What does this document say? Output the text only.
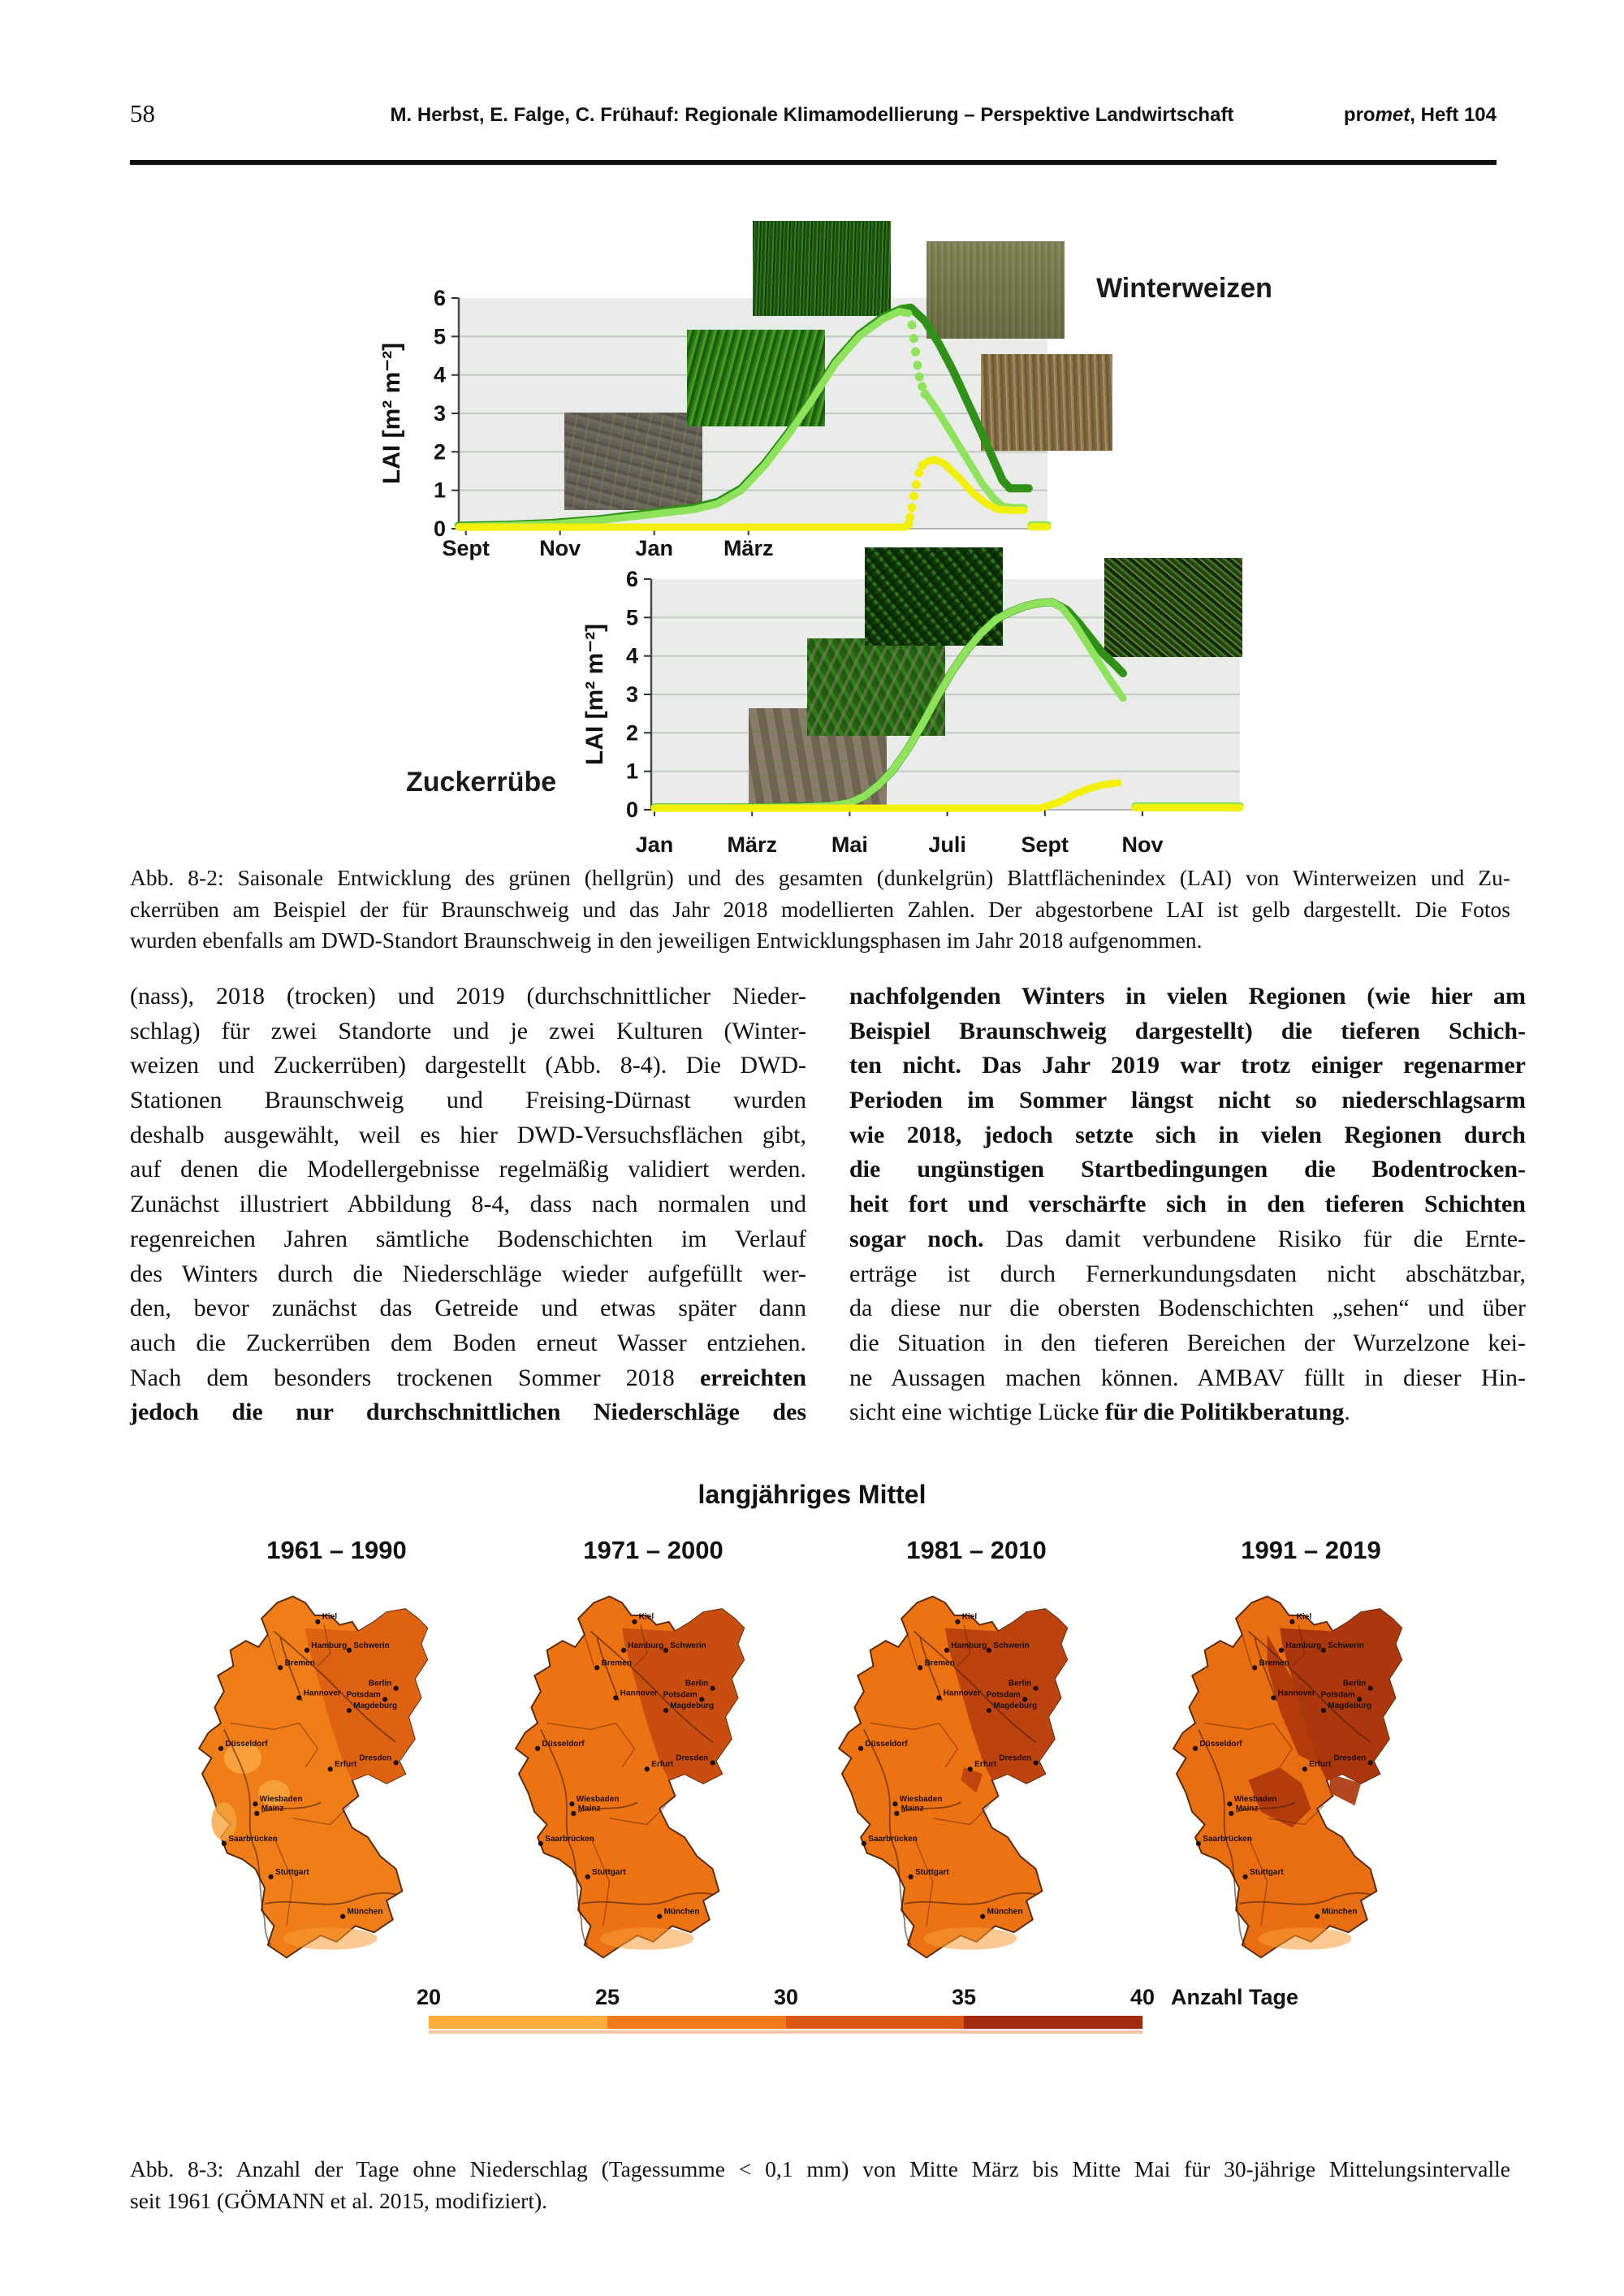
58	M. Herbst, E. Falge, C. Frühauf: Regionale Klimamodellierung – Perspektive Landwirtschaft	promet, Heft 104
0
1
2
3
4
5
6
Sept Nov Jan März
LAI [m² m⁻²]
0
1
2
3
4
5
6
Jan März Mai	Juli	Sept Nov
LAI [m² m⁻²]
Winterweizen
Zuckerrübe

Abb. 8-2: Saisonale Entwicklung des grünen (hellgrün) und des gesamten (dunkelgrün) Blattflächenindex (LAI) von Winterweizen und Zu-

ckerrüben am Beispiel der für Braunschweig und das Jahr 2018 modellierten Zahlen. Der abgestorbene LAI ist gelb dargestellt. Die Fotos

wurden ebenfalls am DWD-Standort Braunschweig in den jeweiligen Entwicklungsphasen im Jahr 2018 aufgenommen.

(nass), 2018 (trocken) und 2019 (durchschnittlicher Nieder-

schlag) für zwei Standorte und je zwei Kulturen (Winter-

weizen und Zuckerrüben) dargestellt (Abb. 8-4). Die DWD-

Stationen Braunschweig und Freising-Dürnast wurden

deshalb ausgewählt, weil es hier DWD-Versuchsflächen gibt,

auf denen die Modellergebnisse regelmäßig validiert werden.

Zunächst illustriert Abbildung 8-4, dass nach normalen und

regenreichen Jahren sämtliche Bodenschichten im Verlauf

des Winters durch die Niederschläge wieder aufgefüllt wer-

den, bevor zunächst das Getreide und etwas später dann

auch die Zuckerrüben dem Boden erneut Wasser entziehen.

Nach dem besonders trockenen Sommer 2018 erreichten

jedoch die nur durchschnittlichen Niederschläge des

nachfolgenden Winters in vielen Regionen (wie hier am

Beispiel Braunschweig dargestellt) die tieferen Schich-

ten nicht. Das Jahr 2019 war trotz einiger regenarmer

Perioden im Sommer längst nicht so niederschlagsarm

wie 2018, jedoch setzte sich in vielen Regionen durch

die ungünstigen Startbedingungen die Bodentrocken-

heit fort und verschärfte sich in den tieferen Schichten

sogar noch. Das damit verbundene Risiko für die Ernte-

erträge ist durch Fernerkundungsdaten nicht abschätzbar,

da diese nur die obersten Bodenschichten „sehen“ und über

die Situation in den tieferen Bereichen der Wurzelzone kei-

ne Aussagen machen können. AMBAV füllt in dieser Hin-

sicht eine wichtige Lücke für die Politikberatung.

langjähriges Mittel
1961 – 1990
Kiel
Hamburg	Schwerin
Bremen
Hannover
Berlin
Potsdam
Magdeburg
Düsseldorf
Erfurt
Dresden
Wiesbaden
Mainz
Saarbrücken
Stuttgart
München
1971 – 2000
Kiel
Hamburg	Schwerin
Bremen
Hannover
Berlin
Potsdam
Magdeburg
Düsseldorf
Erfurt
Dresden
Wiesbaden
Mainz
Saarbrücken
Stuttgart
München
1981 – 2010
Kiel
Hamburg	Schwerin
Bremen
Hannover
Berlin
Potsdam
Magdeburg
Düsseldorf
Erfurt
Dresden
Wiesbaden
Mainz
Saarbrücken
Stuttgart
München
1991 – 2019
Kiel
Hamburg	Schwerin
Bremen
Hannover
Berlin
Potsdam
Magdeburg
Düsseldorf
Erfurt
Dresden
Wiesbaden
Mainz
Saarbrücken
Stuttgart
München
20	25	30	35	40 Anzahl Tage

Abb. 8-3: Anzahl der Tage ohne Niederschlag (Tagessumme < 0,1 mm) von Mitte März bis Mitte Mai für 30-jährige Mittelungsintervalle

seit 1961 (GÖMANN et al. 2015, modifiziert).
